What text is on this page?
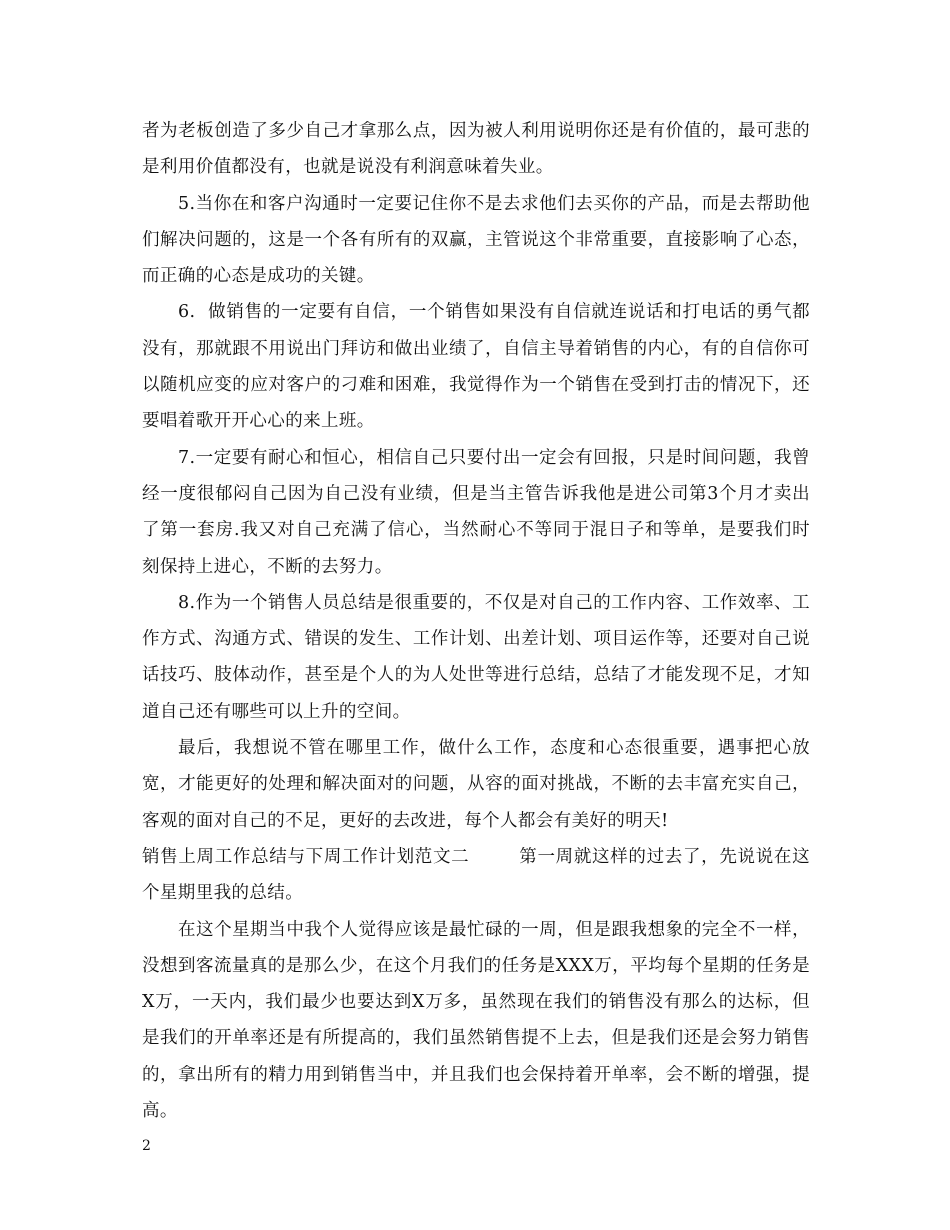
者为老板创造了多少自己才拿那么点，因为被人利用说明你还是有价值的，最可悲的是利用价值都没有，也就是说没有利润意味着失业。

5.当你在和客户沟通时一定要记住你不是去求他们去买你的产品，而是去帮助他们解决问题的，这是一个各有所有的双赢，主管说这个非常重要，直接影响了心态，而正确的心态是成功的关键。

6.  做销售的一定要有自信，一个销售如果没有自信就连说话和打电话的勇气都没有，那就跟不用说出门拜访和做出业绩了，自信主导着销售的内心，有的自信你可以随机应变的应对客户的刁难和困难，我觉得作为一个销售在受到打击的情况下，还要唱着歌开开心心的来上班。

7.一定要有耐心和恒心，相信自己只要付出一定会有回报，只是时间问题，我曾经一度很郁闷自己因为自己没有业绩，但是当主管告诉我他是进公司第3个月才卖出了第一套房.我又对自己充满了信心，当然耐心不等同于混日子和等单，是要我们时刻保持上进心，不断的去努力。

8.作为一个销售人员总结是很重要的，不仅是对自己的工作内容、工作效率、工作方式、沟通方式、错误的发生、工作计划、出差计划、项目运作等，还要对自己说话技巧、肢体动作，甚至是个人的为人处世等进行总结，总结了才能发现不足，才知道自己还有哪些可以上升的空间。

最后，我想说不管在哪里工作，做什么工作，态度和心态很重要，遇事把心放宽，才能更好的处理和解决面对的问题，从容的面对挑战，不断的去丰富充实自己，客观的面对自己的不足，更好的去改进，每个人都会有美好的明天!

销售上周工作总结与下周工作计划范文二        第一周就这样的过去了，先说说在这个星期里我的总结。

在这个星期当中我个人觉得应该是最忙碌的一周，但是跟我想象的完全不一样，没想到客流量真的是那么少，在这个月我们的任务是XXX万，平均每个星期的任务是X万，一天内，我们最少也要达到X万多，虽然现在我们的销售没有那么的达标，但是我们的开单率还是有所提高的，我们虽然销售提不上去，但是我们还是会努力销售的，拿出所有的精力用到销售当中，并且我们也会保持着开单率，会不断的增强，提高。

2
